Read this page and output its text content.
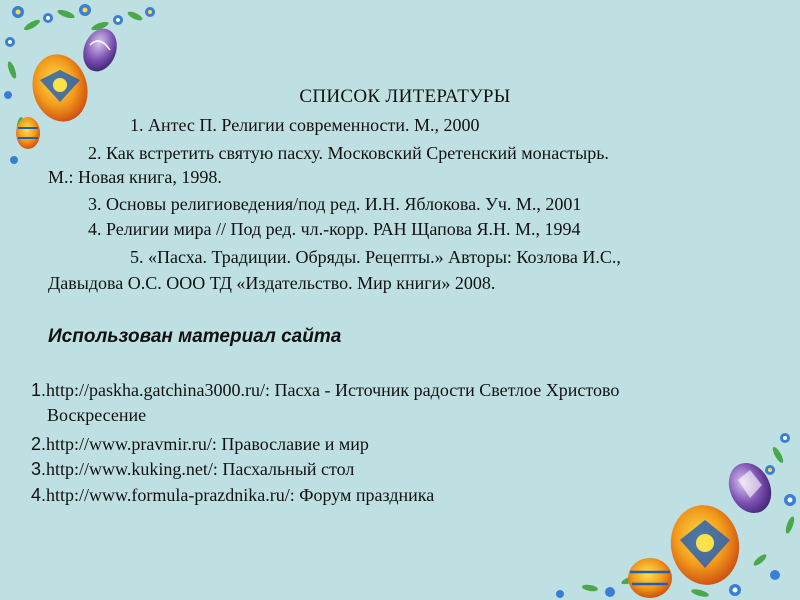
СПИСОК ЛИТЕРАТУРЫ
1. Антес П. Религии современности. М., 2000
2. Как встретить святую пасху. Московский Сретенский монастырь.
М.: Новая книга, 1998.
3. Основы религиоведения/под ред. И.Н. Яблокова. Уч. М., 2001
4. Религии мира // Под ред. чл.-корр. РАН Щапова Я.Н. М., 1994
5. «Пасха. Традиции. Обряды. Рецепты.» Авторы: Козлова И.С.,
Давыдова О.С. ООО ТД «Издательство. Мир книги» 2008.
Использован материал сайта
1.http://paskha.gatchina3000.ru/: Пасха - Источник радости Светлое Христово
Воскресение
2.http://www.pravmir.ru/: Православие и мир
3.http://www.kuking.net/: Пасхальный стол
4.http://www.formula-prazdnika.ru/: Форум праздника
